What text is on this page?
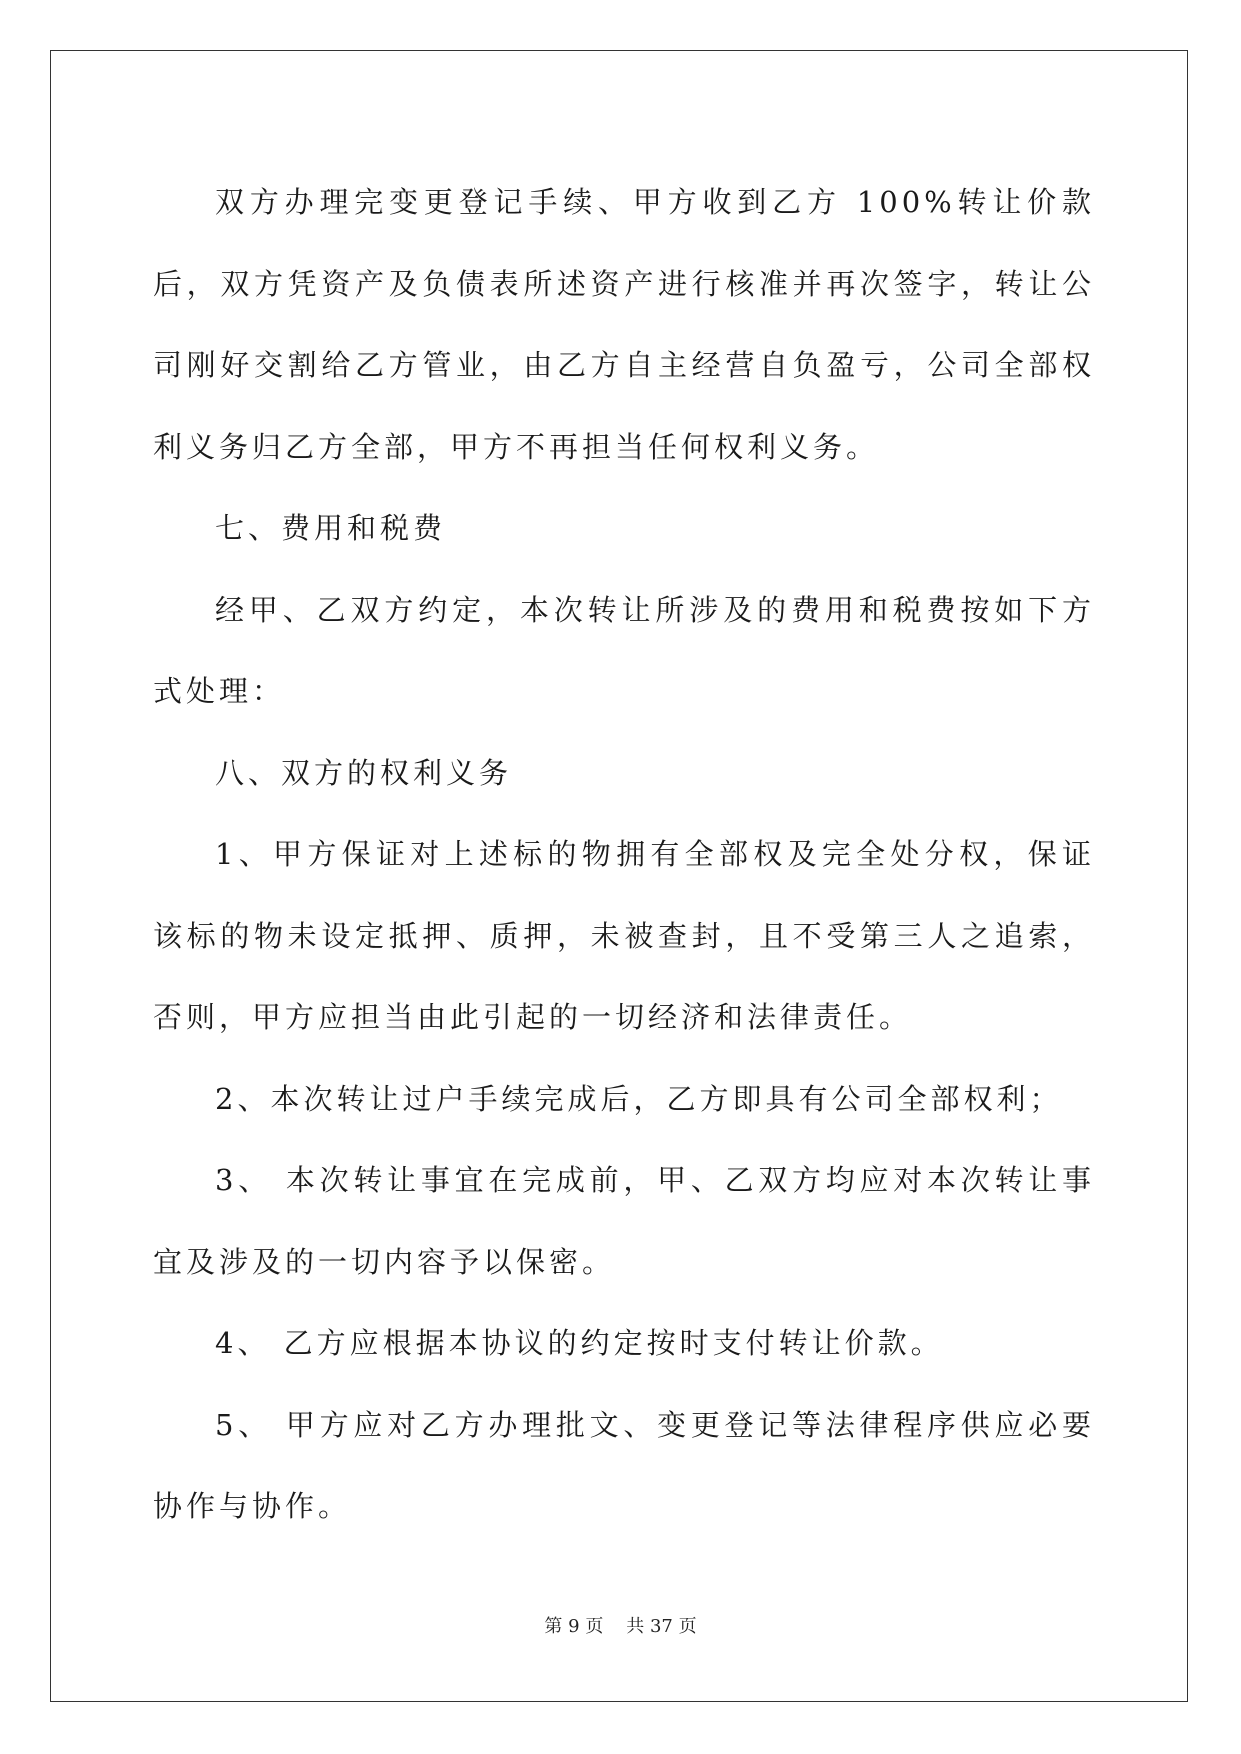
双方办理完变更登记手续、甲方收到乙方 100%转让价款后，双方凭资产及负债表所述资产进行核准并再次签字，转让公司刚好交割给乙方管业，由乙方自主经营自负盈亏，公司全部权利义务归乙方全部，甲方不再担当任何权利义务。

七、费用和税费

经甲、乙双方约定，本次转让所涉及的费用和税费按如下方式处理：

八、双方的权利义务

1、甲方保证对上述标的物拥有全部权及完全处分权，保证该标的物未设定抵押、质押，未被查封，且不受第三人之追索，否则，甲方应担当由此引起的一切经济和法律责任。

2、本次转让过户手续完成后，乙方即具有公司全部权利；

3、 本次转让事宜在完成前，甲、乙双方均应对本次转让事宜及涉及的一切内容予以保密。

4、 乙方应根据本协议的约定按时支付转让价款。

5、 甲方应对乙方办理批文、变更登记等法律程序供应必要协作与协作。

第 9 页 共 37 页
